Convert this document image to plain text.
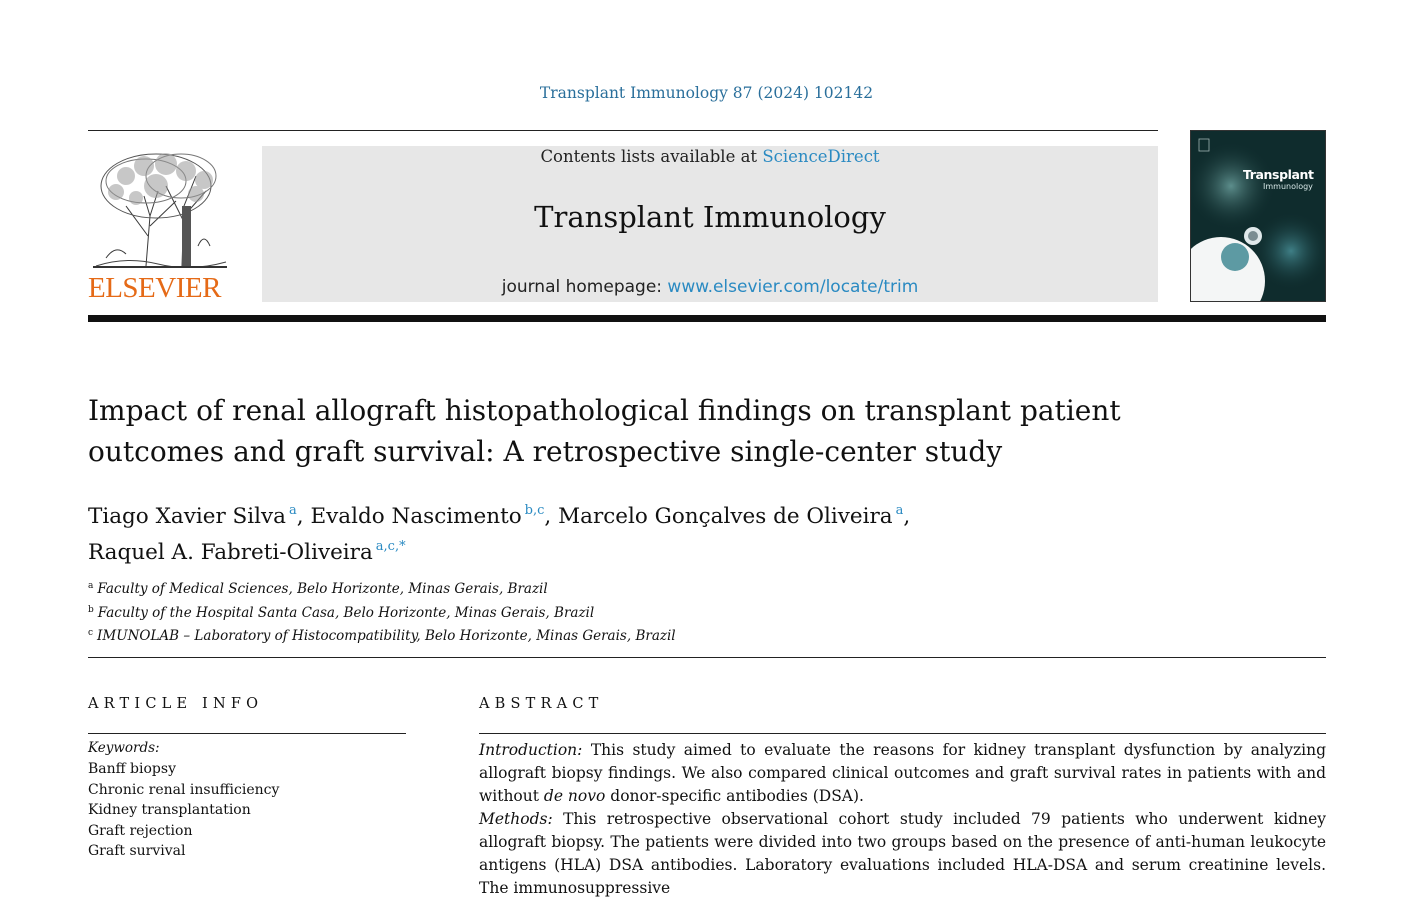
Transplant Immunology 87 (2024) 102142
ELSEVIER
Contents lists available at ScienceDirect
Transplant Immunology
journal homepage: www.elsevier.com/locate/trim
Transplant
Immunology
Impact of renal allograft histopathological findings on transplant patient
outcomes and graft survival: A retrospective single-center study
Tiago Xavier Silva $^a$, Evaldo Nascimento $^{b,c}$, Marcelo Gonçalves de Oliveira $^a$,
Raquel A. Fabreti-Oliveira $^{a,c,*}$
$^a$ Faculty of Medical Sciences, Belo Horizonte, Minas Gerais, Brazil
$^b$ Faculty of the Hospital Santa Casa, Belo Horizonte, Minas Gerais, Brazil
$^c$ IMUNOLAB – Laboratory of Histocompatibility, Belo Horizonte, Minas Gerais, Brazil
ARTICLE INFO
Keywords:
Banff biopsy
Chronic renal insufficiency
Kidney transplantation
Graft rejection
Graft survival
ABSTRACT

Introduction: This study aimed to evaluate the reasons for kidney transplant dysfunction by analyzing allograft biopsy findings. We also compared clinical outcomes and graft survival rates in patients with and without de novo donor-specific antibodies (DSA).

Methods: This retrospective observational cohort study included 79 patients who underwent kidney allograft biopsy. The patients were divided into two groups based on the presence of anti-human leukocyte antigens (HLA) DSA antibodies. Laboratory evaluations included HLA-DSA and serum creatinine levels. The immunosuppressive
